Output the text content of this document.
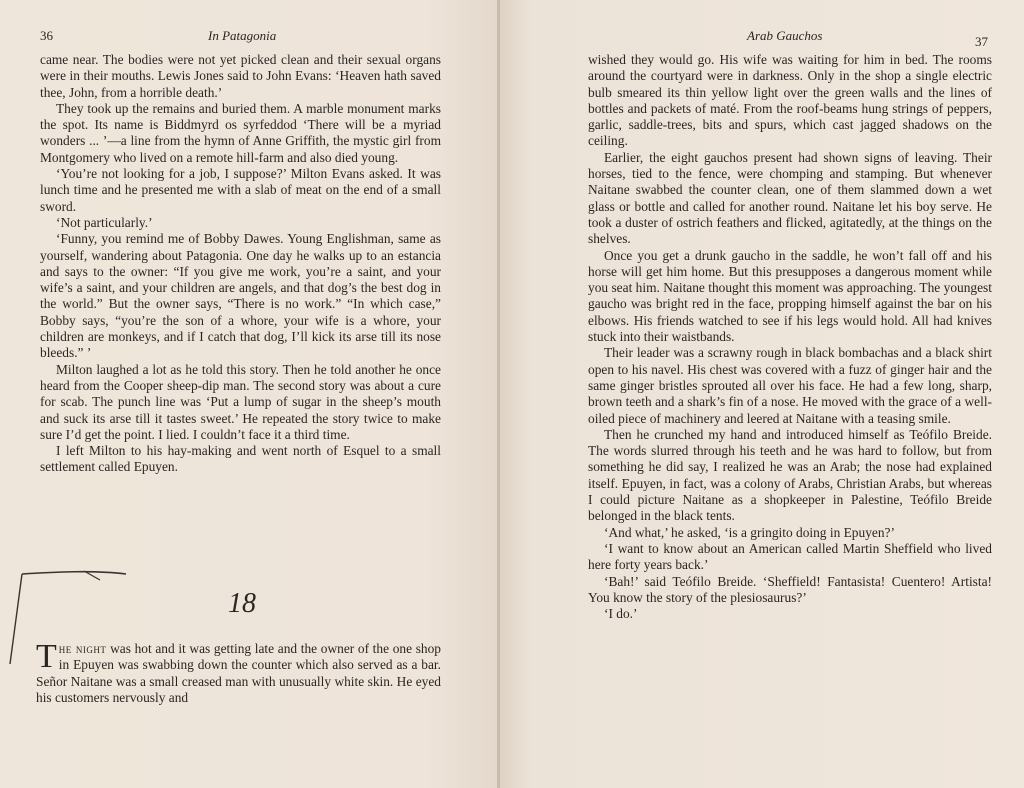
36	In Patagonia

came near. The bodies were not yet picked clean and their sexual organs were in their mouths. Lewis Jones said to John Evans: ‘Heaven hath saved thee, John, from a horrible death.’

They took up the remains and buried them. A marble monument marks the spot. Its name is Biddmyrd os syrfeddod ‘There will be a myriad wonders ... ’—a line from the hymn of Anne Griffith, the mystic girl from Montgomery who lived on a remote hill-farm and also died young.

‘You’re not looking for a job, I suppose?’ Milton Evans asked. It was lunch time and he presented me with a slab of meat on the end of a small sword.

‘Not particularly.’

‘Funny, you remind me of Bobby Dawes. Young Englishman, same as yourself, wandering about Patagonia. One day he walks up to an estancia and says to the owner: “If you give me work, you’re a saint, and your wife’s a saint, and your children are angels, and that dog’s the best dog in the world.” But the owner says, “There is no work.” “In which case,” Bobby says, “you’re the son of a whore, your wife is a whore, your children are monkeys, and if I catch that dog, I’ll kick its arse till its nose bleeds.” ’

Milton laughed a lot as he told this story. Then he told another he once heard from the Cooper sheep-dip man. The second story was about a cure for scab. The punch line was ‘Put a lump of sugar in the sheep’s mouth and suck its arse till it tastes sweet.’ He repeated the story twice to make sure I’d get the point. I lied. I couldn’t face it a third time.

I left Milton to his hay-making and went north of Esquel to a small settlement called Epuyen.

18
The night was hot and it was getting late and the owner of the one shop in Epuyen was swabbing down the counter which also served as a bar. Señor Naitane was a small creased man with unusually white skin. He eyed his customers nervously and
Arab Gauchos	37

wished they would go. His wife was waiting for him in bed. The rooms around the courtyard were in darkness. Only in the shop a single electric bulb smeared its thin yellow light over the green walls and the lines of bottles and packets of maté. From the roof-beams hung strings of peppers, garlic, saddle-trees, bits and spurs, which cast jagged shadows on the ceiling.

Earlier, the eight gauchos present had shown signs of leaving. Their horses, tied to the fence, were chomping and stamping. But whenever Naitane swabbed the counter clean, one of them slammed down a wet glass or bottle and called for another round. Naitane let his boy serve. He took a duster of ostrich feathers and flicked, agitatedly, at the things on the shelves.

Once you get a drunk gaucho in the saddle, he won’t fall off and his horse will get him home. But this presupposes a dangerous moment while you seat him. Naitane thought this moment was approaching. The youngest gaucho was bright red in the face, propping himself against the bar on his elbows. His friends watched to see if his legs would hold. All had knives stuck into their waistbands.

Their leader was a scrawny rough in black bombachas and a black shirt open to his navel. His chest was covered with a fuzz of ginger hair and the same ginger bristles sprouted all over his face. He had a few long, sharp, brown teeth and a shark’s fin of a nose. He moved with the grace of a well-oiled piece of machinery and leered at Naitane with a teasing smile.

Then he crunched my hand and introduced himself as Teófilo Breide. The words slurred through his teeth and he was hard to follow, but from something he did say, I realized he was an Arab; the nose had explained itself. Epuyen, in fact, was a colony of Arabs, Christian Arabs, but whereas I could picture Naitane as a shopkeeper in Palestine, Teófilo Breide belonged in the black tents.

‘And what,’ he asked, ‘is a gringito doing in Epuyen?’

‘I want to know about an American called Martin Sheffield who lived here forty years back.’

‘Bah!’ said Teófilo Breide. ‘Sheffield! Fantasista! Cuentero! Artista! You know the story of the plesiosaurus?’

‘I do.’
